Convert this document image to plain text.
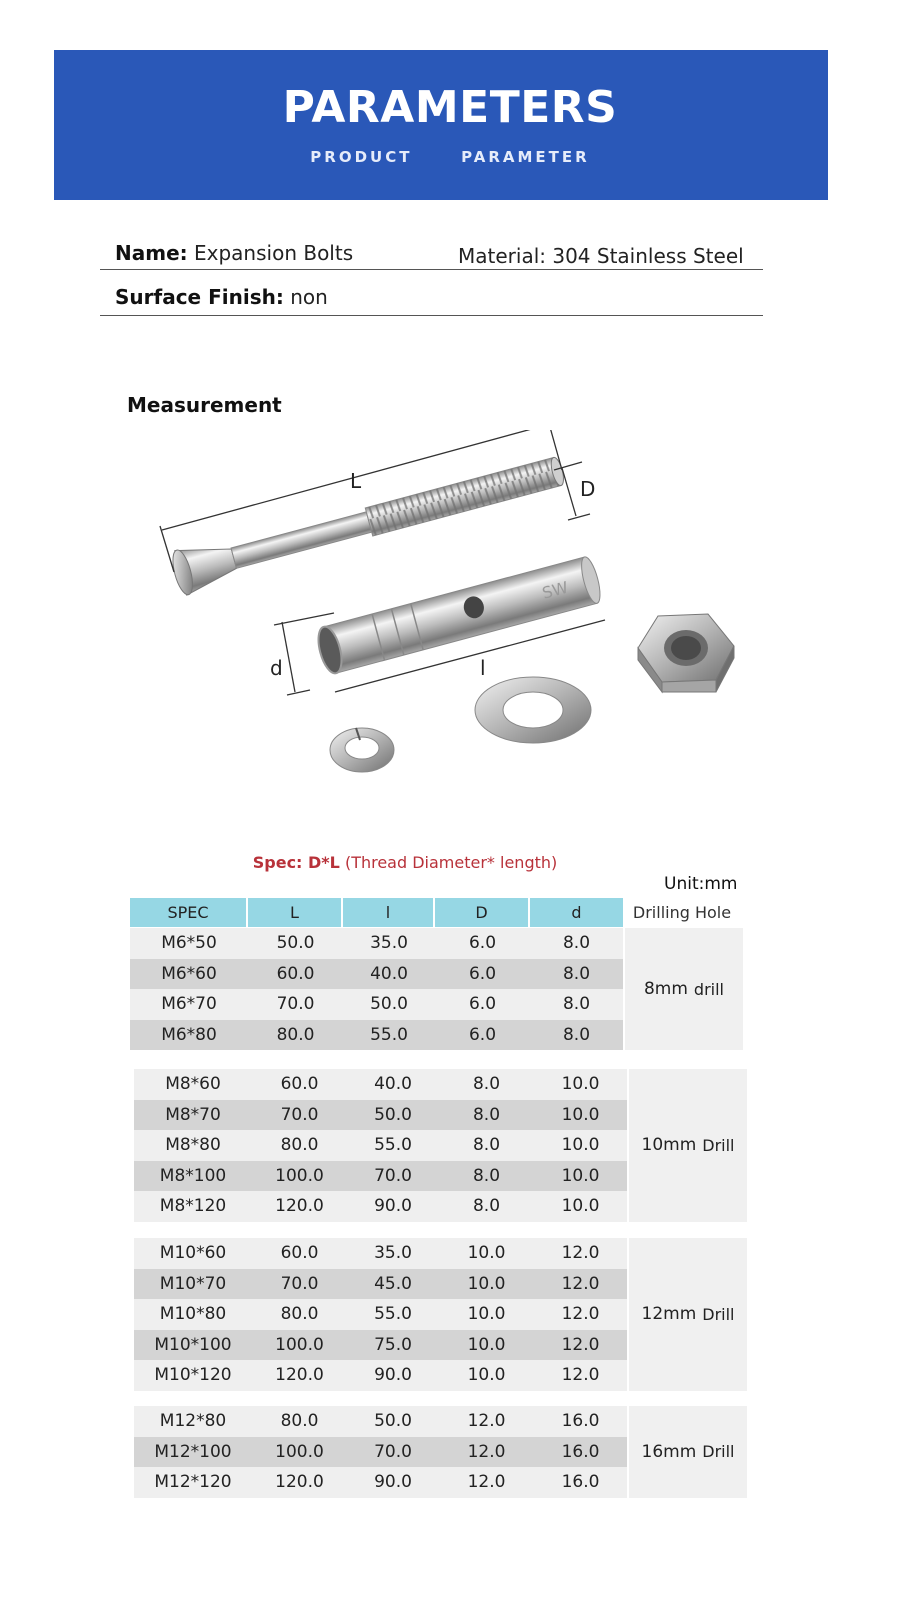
PARAMETERS
PRODUCT   PARAMETER
Name: Expansion Bolts	Material: 304 Stainless Steel
Surface Finish: non
Measurement
L	D
SW
d	l
Spec: D*L (Thread Diameter* length)
Unit:mm
SPEC	L	l	D	d	Drilling Hole
M6*50	50.0	35.0	6.0	8.0
M6*60	60.0	40.0	6.0	8.0
M6*70	70.0	50.0	6.0	8.0
M6*80	80.0	55.0	6.0	8.0
8mm drill
M8*60	60.0	40.0	8.0	10.0
M8*70	70.0	50.0	8.0	10.0
M8*80	80.0	55.0	8.0	10.0
M8*100	100.0	70.0	8.0	10.0
M8*120	120.0	90.0	8.0	10.0
10mm Drill
M10*60	60.0	35.0	10.0	12.0
M10*70	70.0	45.0	10.0	12.0
M10*80	80.0	55.0	10.0	12.0
M10*100	100.0	75.0	10.0	12.0
M10*120	120.0	90.0	10.0	12.0
12mm Drill
M12*80	80.0	50.0	12.0	16.0
M12*100	100.0	70.0	12.0	16.0
M12*120	120.0	90.0	12.0	16.0
16mm Drill
